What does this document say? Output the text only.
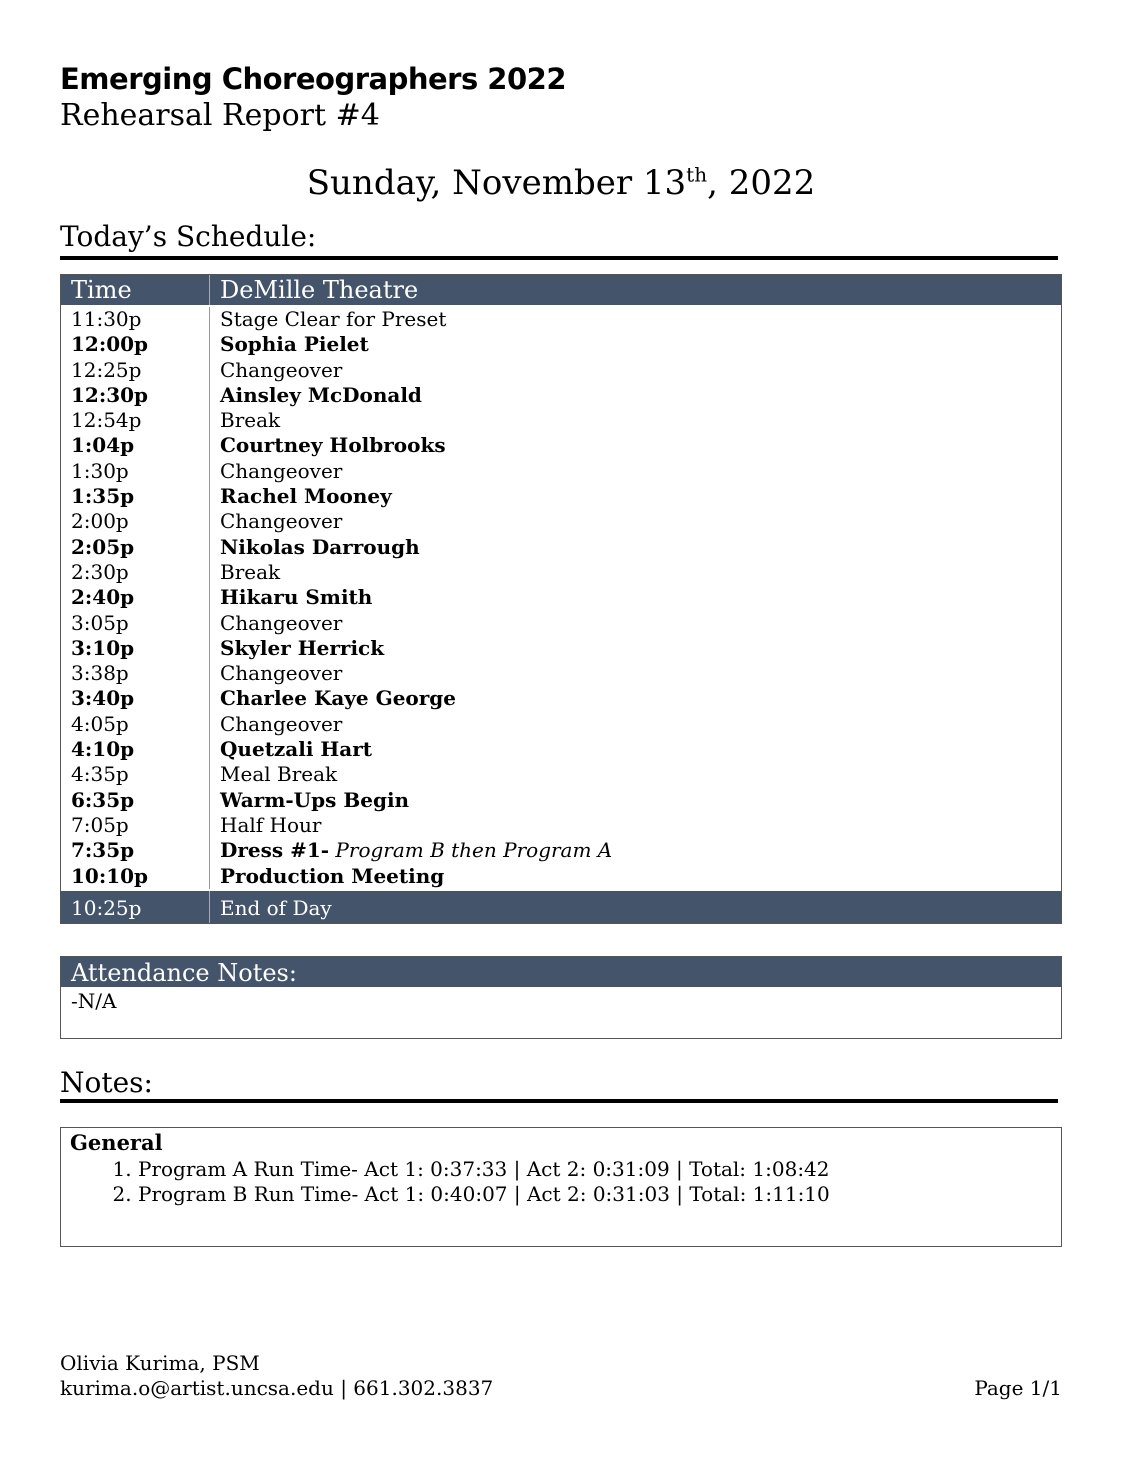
Emerging Choreographers 2022
Rehearsal Report #4
Sunday, November 13th, 2022
Today’s Schedule:
Time	DeMille Theatre
11:30p	Stage Clear for Preset
12:00p	Sophia Pielet
12:25p	Changeover
12:30p	Ainsley McDonald
12:54p	Break
1:04p	Courtney Holbrooks
1:30p	Changeover
1:35p	Rachel Mooney
2:00p	Changeover
2:05p	Nikolas Darrough
2:30p	Break
2:40p	Hikaru Smith
3:05p	Changeover
3:10p	Skyler Herrick
3:38p	Changeover
3:40p	Charlee Kaye George
4:05p	Changeover
4:10p	Quetzali Hart
4:35p	Meal Break
6:35p	Warm-Ups Begin
7:05p	Half Hour
7:35p	Dress #1- Program B then Program A
10:10p	Production Meeting
10:25p	End of Day
Attendance Notes:
-N/A
Notes:
General
1. Program A Run Time- Act 1: 0:37:33 | Act 2: 0:31:09 | Total: 1:08:42
2. Program B Run Time- Act 1: 0:40:07 | Act 2: 0:31:03 | Total: 1:11:10
Olivia Kurima, PSM
kurima.o@artist.uncsa.edu | 661.302.3837	Page 1/1
